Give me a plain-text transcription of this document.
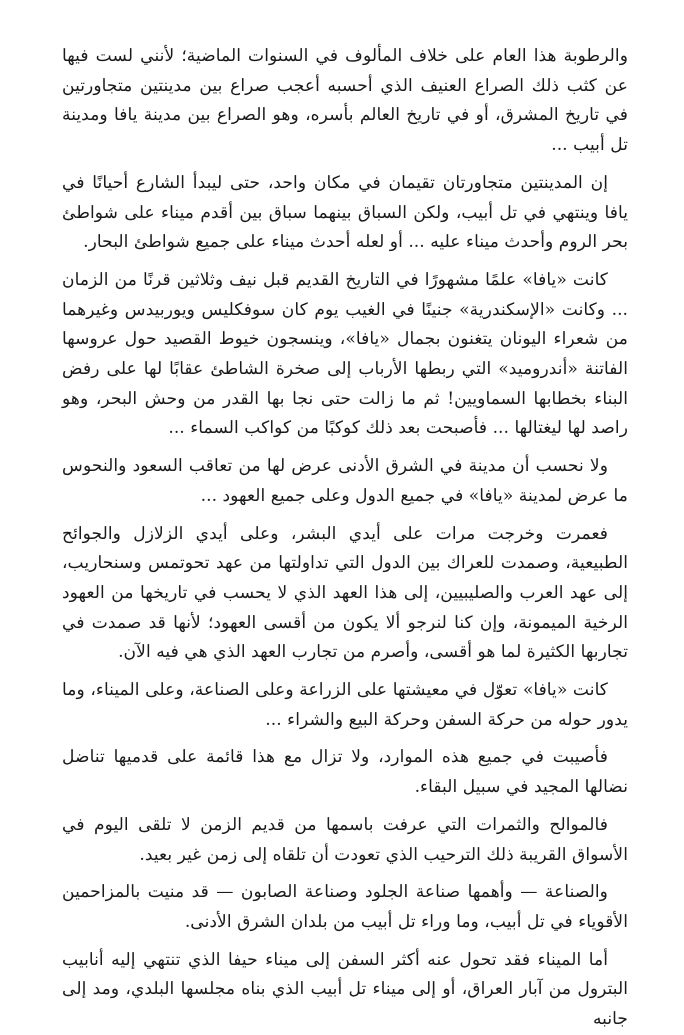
والرطوبة هذا العام على خلاف المألوف في السنوات الماضية؛ لأنني لست فيها عن كثب ذلك الصراع العنيف الذي أحسبه أعجب صراع بين مدينتين متجاورتين في تاريخ المشرق، أو في تاريخ العالم بأسره، وهو الصراع بين مدينة يافا ومدينة تل أبيب ...

إن المدينتين متجاورتان تقيمان في مكان واحد، حتى ليبدأ الشارع أحيانًا في يافا وينتهي في تل أبيب، ولكن السباق بينهما سباق بين أقدم ميناء على شواطئ بحر الروم وأحدث ميناء عليه ... أو لعله أحدث ميناء على جميع شواطئ البحار.

كانت «يافا» علمًا مشهورًا في التاريخ القديم قبل نيف وثلاثين قرنًا من الزمان ... وكانت «الإسكندرية» جنينًا في الغيب يوم كان سوفكليس ويوربيدس وغيرهما من شعراء اليونان يتغنون بجمال «يافا»، وينسجون خيوط القصيد حول عروسها الفاتنة «أندروميد» التي ربطها الأرباب إلى صخرة الشاطئ عقابًا لها على رفض البناء بخطابها السماويين! ثم ما زالت حتى نجا بها القدر من وحش البحر، وهو راصد لها ليغتالها ... فأصبحت بعد ذلك كوكبًا من كواكب السماء ...

ولا نحسب أن مدينة في الشرق الأدنى عرض لها من تعاقب السعود والنحوس ما عرض لمدينة «يافا» في جميع الدول وعلى جميع العهود ...

فعمرت وخرجت مرات على أيدي البشر، وعلى أيدي الزلازل والجوائح الطبيعية، وصمدت للعراك بين الدول التي تداولتها من عهد تحوتمس وسنحاريب، إلى عهد العرب والصليبيين، إلى هذا العهد الذي لا يحسب في تاريخها من العهود الرخية الميمونة، وإن كنا لنرجو ألا يكون من أقسى العهود؛ لأنها قد صمدت في تجاربها الكثيرة لما هو أقسى، وأصرم من تجارب العهد الذي هي فيه الآن.

كانت «يافا» تعوّل في معيشتها على الزراعة وعلى الصناعة، وعلى الميناء، وما يدور حوله من حركة السفن وحركة البيع والشراء ...

فأصيبت في جميع هذه الموارد، ولا تزال مع هذا قائمة على قدميها تناضل نضالها المجيد في سبيل البقاء.

فالموالح والثمرات التي عرفت باسمها من قديم الزمن لا تلقى اليوم في الأسواق القريبة ذلك الترحيب الذي تعودت أن تلقاه إلى زمن غير بعيد.

والصناعة — وأهمها صناعة الجلود وصناعة الصابون — قد منيت بالمزاحمين الأقوياء في تل أبيب، وما وراء تل أبيب من بلدان الشرق الأدنى.

أما الميناء فقد تحول عنه أكثر السفن إلى ميناء حيفا الذي تنتهي إليه أنابيب البترول من آبار العراق، أو إلى ميناء تل أبيب الذي بناه مجلسها البلدي، ومد إلى جانبه
